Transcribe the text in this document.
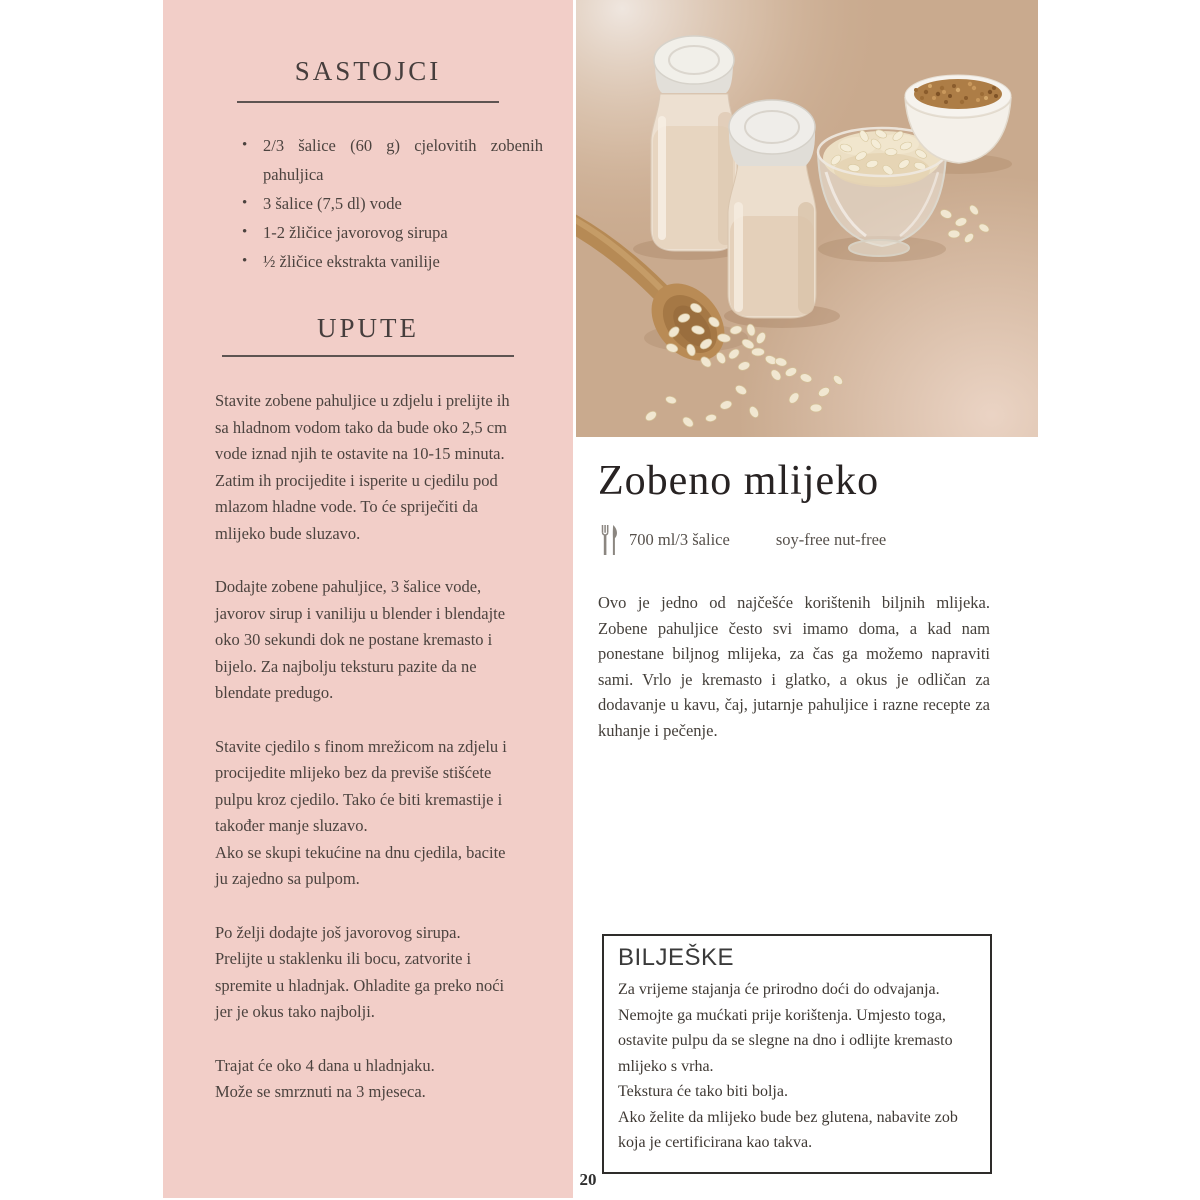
SASTOJCI
• 2/3 šalice (60 g) cjelovitih zobenih pahuljica
• 3 šalice (7,5 dl) vode
• 1-2 žličice javorovog sirupa
• ½ žličice ekstrakta vanilije
UPUTE

Stavite zobene pahuljice u zdjelu i prelijte ih sa hladnom vodom tako da bude oko 2,5 cm vode iznad njih te ostavite na 10-15 minuta.

Zatim ih procijedite i isperite u cjedilu pod mlazom hladne vode. To će spriječiti da mlijeko bude sluzavo.

Dodajte zobene pahuljice, 3 šalice vode, javorov sirup i vaniliju u blender i blendajte oko 30 sekundi dok ne postane kremasto i bijelo. Za najbolju teksturu pazite da ne blendate predugo.

Stavite cjedilo s finom mrežicom na zdjelu i procijedite mlijeko bez da previše stišćete pulpu kroz cjedilo. Tako će biti kremastije i također manje sluzavo.

Ako se skupi tekućine na dnu cjedila, bacite ju zajedno sa pulpom.

Po želji dodajte još javorovog sirupa.

Prelijte u staklenku ili bocu, zatvorite i spremite u hladnjak. Ohladite ga preko noći jer je okus tako najbolji.

Trajat će oko 4 dana u hladnjaku.

Može se smrznuti na 3 mjeseca.

Zobeno mlijeko
700 ml/3 šalice	soy-free nut-free

Ovo je jedno od najčešće korištenih biljnih mlijeka. Zobene pahuljice često svi imamo doma, a kad nam ponestane biljnog mlijeka, za čas ga možemo napraviti sami. Vrlo je kremasto i glatko, a okus je odličan za dodavanje u kavu, čaj, jutarnje pahuljice i razne recepte za kuhanje i pečenje.

BILJEŠKE

Za vrijeme stajanja će prirodno doći do odvajanja. Nemojte ga mućkati prije korištenja. Umjesto toga, ostavite pulpu da se slegne na dno i odlijte kremasto mlijeko s vrha.

Tekstura će tako biti bolja.

Ako želite da mlijeko bude bez glutena, nabavite zob koja je certificirana kao takva.

20
